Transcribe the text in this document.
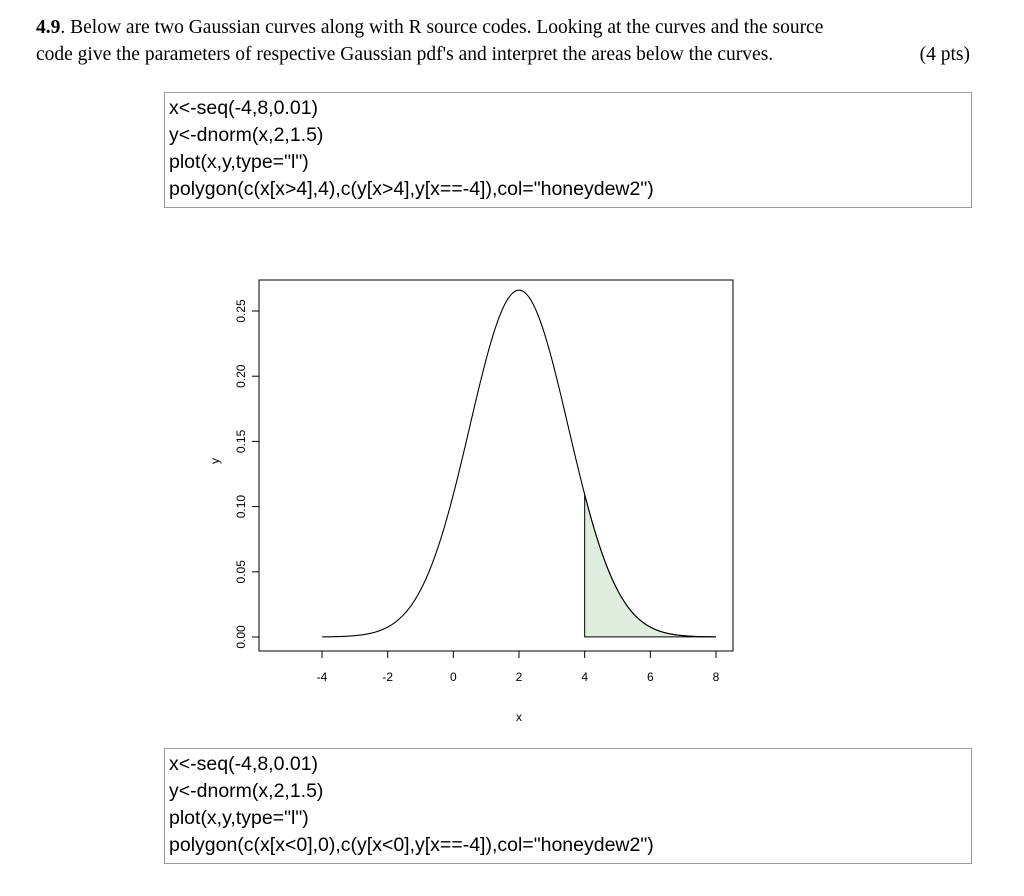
4.9. Below are two Gaussian curves along with R source codes. Looking at the curves and the source
code give the parameters of respective Gaussian pdf's and interpret the areas below the curves.	(4 pts)
x<-seq(-4,8,0.01)
y<-dnorm(x,2,1.5)
plot(x,y,type="l")
polygon(c(x[x>4],4),c(y[x>4],y[x==-4]),col="honeydew2")
-4	-2	0	2	4	6	8
0.00
0.05
0.10
0.15
0.20
0.25
x
y
x<-seq(-4,8,0.01)
y<-dnorm(x,2,1.5)
plot(x,y,type="l")
polygon(c(x[x<0],0),c(y[x<0],y[x==-4]),col="honeydew2")
